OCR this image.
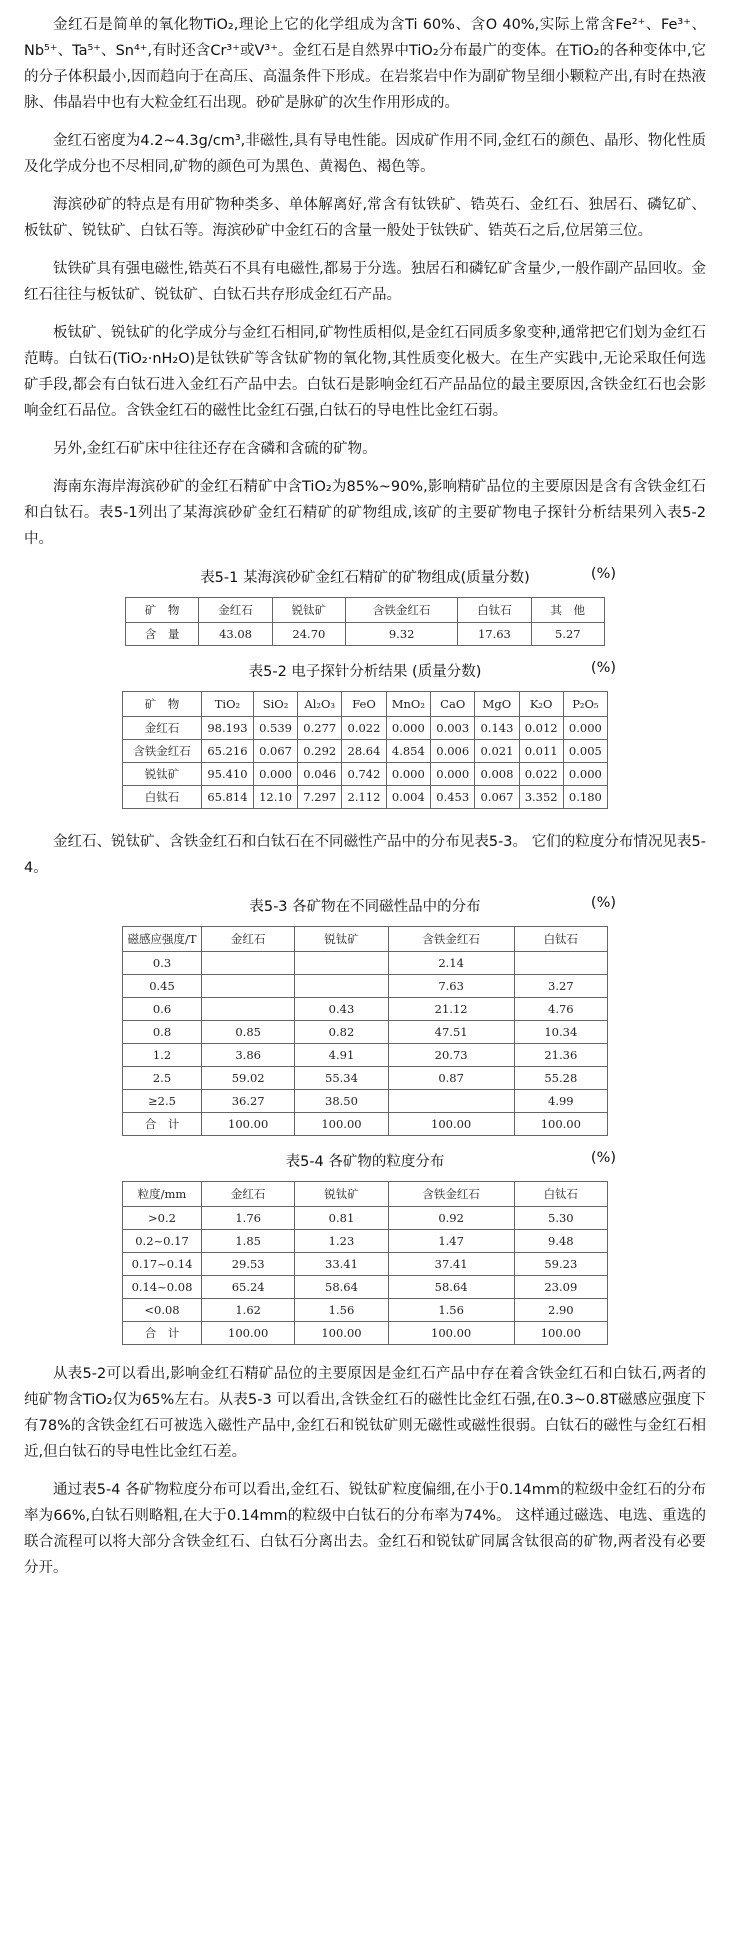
金红石是简单的氧化物TiO₂,理论上它的化学组成为含Ti 60%、含O 40%,实际上常含Fe²⁺、Fe³⁺、Nb⁵⁺、Ta⁵⁺、Sn⁴⁺,有时还含Cr³⁺或V³⁺。金红石是自然界中TiO₂分布最广的变体。在TiO₂的各种变体中,它的分子体积最小,因而趋向于在高压、高温条件下形成。在岩浆岩中作为副矿物呈细小颗粒产出,有时在热液脉、伟晶岩中也有大粒金红石出现。砂矿是脉矿的次生作用形成的。

金红石密度为4.2~4.3g/cm³,非磁性,具有导电性能。因成矿作用不同,金红石的颜色、晶形、物化性质及化学成分也不尽相同,矿物的颜色可为黑色、黄褐色、褐色等。

海滨砂矿的特点是有用矿物种类多、单体解离好,常含有钛铁矿、锆英石、金红石、独居石、磷钇矿、板钛矿、锐钛矿、白钛石等。海滨砂矿中金红石的含量一般处于钛铁矿、锆英石之后,位居第三位。

钛铁矿具有强电磁性,锆英石不具有电磁性,都易于分选。独居石和磷钇矿含量少,一般作副产品回收。金红石往往与板钛矿、锐钛矿、白钛石共存形成金红石产品。

板钛矿、锐钛矿的化学成分与金红石相同,矿物性质相似,是金红石同质多象变种,通常把它们划为金红石范畴。白钛石(TiO₂·nH₂O)是钛铁矿等含钛矿物的氧化物,其性质变化极大。在生产实践中,无论采取任何选矿手段,都会有白钛石进入金红石产品中去。白钛石是影响金红石产品品位的最主要原因,含铁金红石也会影响金红石品位。含铁金红石的磁性比金红石强,白钛石的导电性比金红石弱。

另外,金红石矿床中往往还存在含磷和含硫的矿物。

海南东海岸海滨砂矿的金红石精矿中含TiO₂为85%~90%,影响精矿品位的主要原因是含有含铁金红石和白钛石。表5-1列出了某海滨砂矿金红石精矿的矿物组成,该矿的主要矿物电子探针分析结果列入表5-2中。

表5-1 某海滨砂矿金红石精矿的矿物组成(质量分数)	(%)
矿　物	金红石	锐钛矿	含铁金红石	白钛石	其　他
含　量	43.08	24.70	9.32	17.63	5.27
表5-2 电子探针分析结果 (质量分数)	(%)
矿　物	TiO₂	SiO₂	Al₂O₃	FeO	MnO₂	CaO	MgO	K₂O	P₂O₅
金红石	98.193	0.539	0.277	0.022	0.000	0.003	0.143	0.012	0.000
含铁金红石	65.216	0.067	0.292	28.64	4.854	0.006	0.021	0.011	0.005
锐钛矿	95.410	0.000	0.046	0.742	0.000	0.000	0.008	0.022	0.000
白钛石	65.814	12.10	7.297	2.112	0.004	0.453	0.067	3.352	0.180

金红石、锐钛矿、含铁金红石和白钛石在不同磁性产品中的分布见表5-3。 它们的粒度分布情况见表5-4。

表5-3 各矿物在不同磁性品中的分布	(%)
磁感应强度/T	金红石	锐钛矿	含铁金红石	白钛石
0.3			2.14	
0.45			7.63	3.27
0.6		0.43	21.12	4.76
0.8	0.85	0.82	47.51	10.34
1.2	3.86	4.91	20.73	21.36
2.5	59.02	55.34	0.87	55.28
≥2.5	36.27	38.50		4.99
合　计	100.00	100.00	100.00	100.00
表5-4 各矿物的粒度分布	(%)
粒度/mm	金红石	锐钛矿	含铁金红石	白钛石
>0.2	1.76	0.81	0.92	5.30
0.2~0.17	1.85	1.23	1.47	9.48
0.17~0.14	29.53	33.41	37.41	59.23
0.14~0.08	65.24	58.64	58.64	23.09
<0.08	1.62	1.56	1.56	2.90
合　计	100.00	100.00	100.00	100.00

从表5-2可以看出,影响金红石精矿品位的主要原因是金红石产品中存在着含铁金红石和白钛石,两者的纯矿物含TiO₂仅为65%左右。从表5-3 可以看出,含铁金红石的磁性比金红石强,在0.3~0.8T磁感应强度下有78%的含铁金红石可被选入磁性产品中,金红石和锐钛矿则无磁性或磁性很弱。白钛石的磁性与金红石相近,但白钛石的导电性比金红石差。

通过表5-4 各矿物粒度分布可以看出,金红石、锐钛矿粒度偏细,在小于0.14mm的粒级中金红石的分布率为66%,白钛石则略粗,在大于0.14mm的粒级中白钛石的分布率为74%。 这样通过磁选、电选、重选的联合流程可以将大部分含铁金红石、白钛石分离出去。金红石和锐钛矿同属含钛很高的矿物,两者没有必要分开。
